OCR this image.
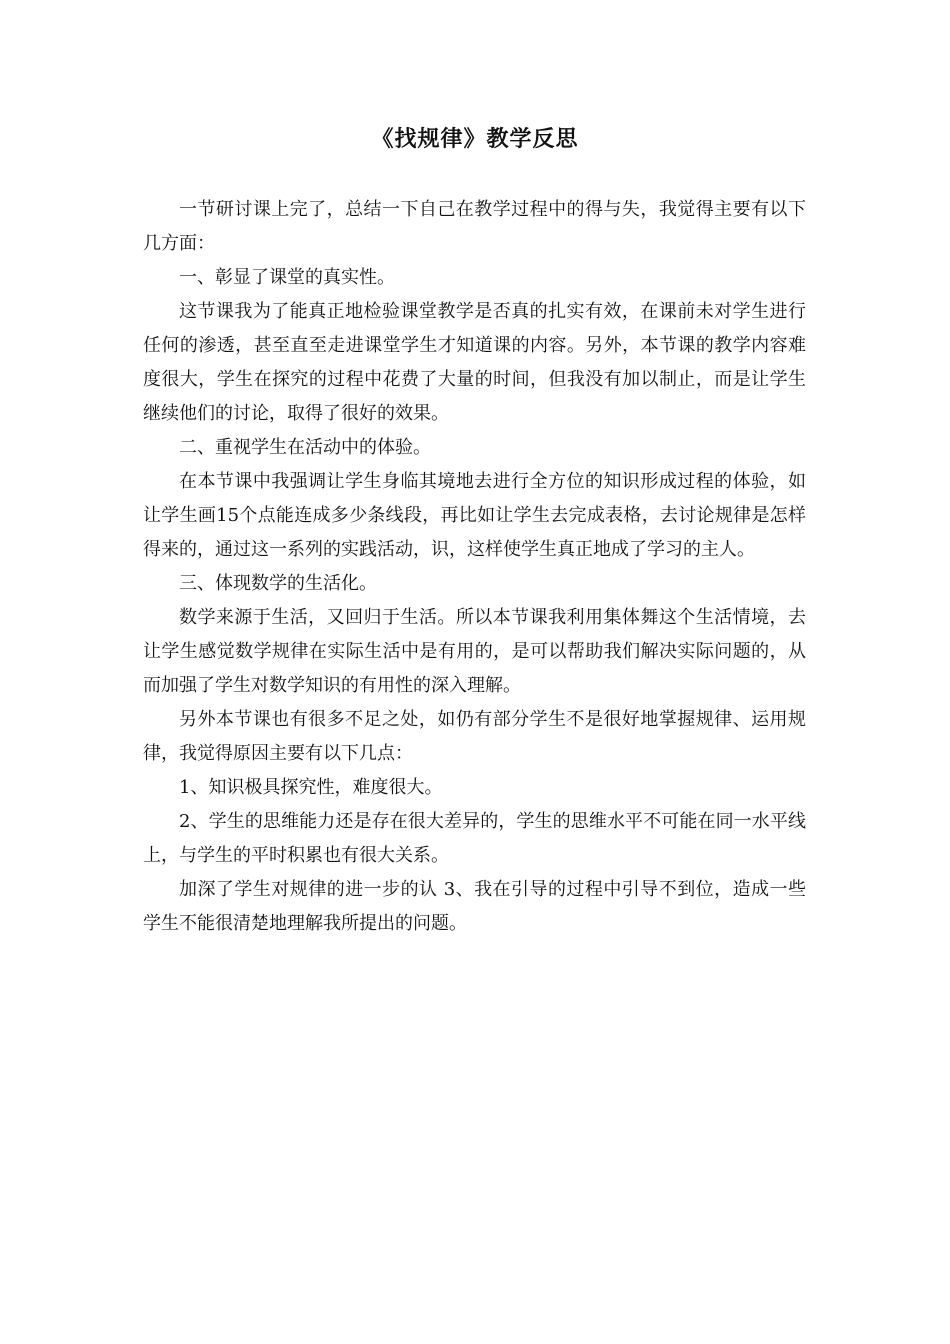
《找规律》教学反思

一节研讨课上完了，总结一下自己在教学过程中的得与失，我觉得主要有以下几方面：

一、彰显了课堂的真实性。

这节课我为了能真正地检验课堂教学是否真的扎实有效，在课前未对学生进行任何的渗透，甚至直至走进课堂学生才知道课的内容。另外，本节课的教学内容难度很大，学生在探究的过程中花费了大量的时间，但我没有加以制止，而是让学生继续他们的讨论，取得了很好的效果。

二、重视学生在活动中的体验。

在本节课中我强调让学生身临其境地去进行全方位的知识形成过程的体验，如让学生画15个点能连成多少条线段，再比如让学生去完成表格，去讨论规律是怎样得来的，通过这一系列的实践活动，识，这样使学生真正地成了学习的主人。

三、体现数学的生活化。

数学来源于生活，又回归于生活。所以本节课我利用集体舞这个生活情境，去让学生感觉数学规律在实际生活中是有用的，是可以帮助我们解决实际问题的，从而加强了学生对数学知识的有用性的深入理解。

另外本节课也有很多不足之处，如仍有部分学生不是很好地掌握规律、运用规律，我觉得原因主要有以下几点：

1、知识极具探究性，难度很大。

2、学生的思维能力还是存在很大差异的，学生的思维水平不可能在同一水平线上，与学生的平时积累也有很大关系。

加深了学生对规律的进一步的认 3、我在引导的过程中引导不到位，造成一些学生不能很清楚地理解我所提出的问题。
